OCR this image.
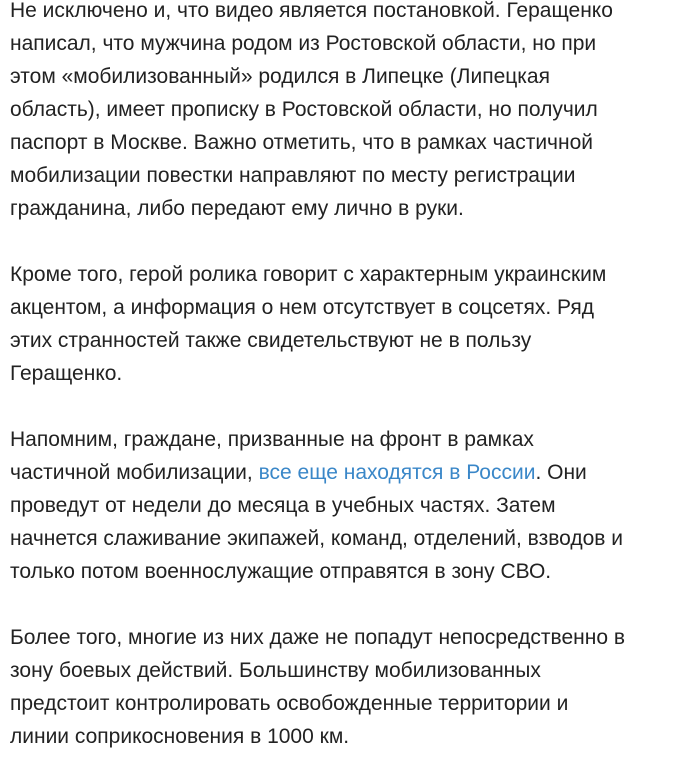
Не исключено и, что видео является постановкой. Геращенко
написал, что мужчина родом из Ростовской области, но при
этом «мобилизованный» родился в Липецке (Липецкая
область), имеет прописку в Ростовской области, но получил
паспорт в Москве. Важно отметить, что в рамках частичной
мобилизации повестки направляют по месту регистрации
гражданина, либо передают ему лично в руки.

Кроме того, герой ролика говорит с характерным украинским
акцентом, а информация о нем отсутствует в соцсетях. Ряд
этих странностей также свидетельствуют не в пользу
Геращенко.

Напомним, граждане, призванные на фронт в рамках
частичной мобилизации, все еще находятся в России. Они
проведут от недели до месяца в учебных частях. Затем
начнется слаживание экипажей, команд, отделений, взводов и
только потом военнослужащие отправятся в зону СВО.

Более того, многие из них даже не попадут непосредственно в
зону боевых действий. Большинству мобилизованных
предстоит контролировать освобожденные территории и
линии соприкосновения в 1000 км.
